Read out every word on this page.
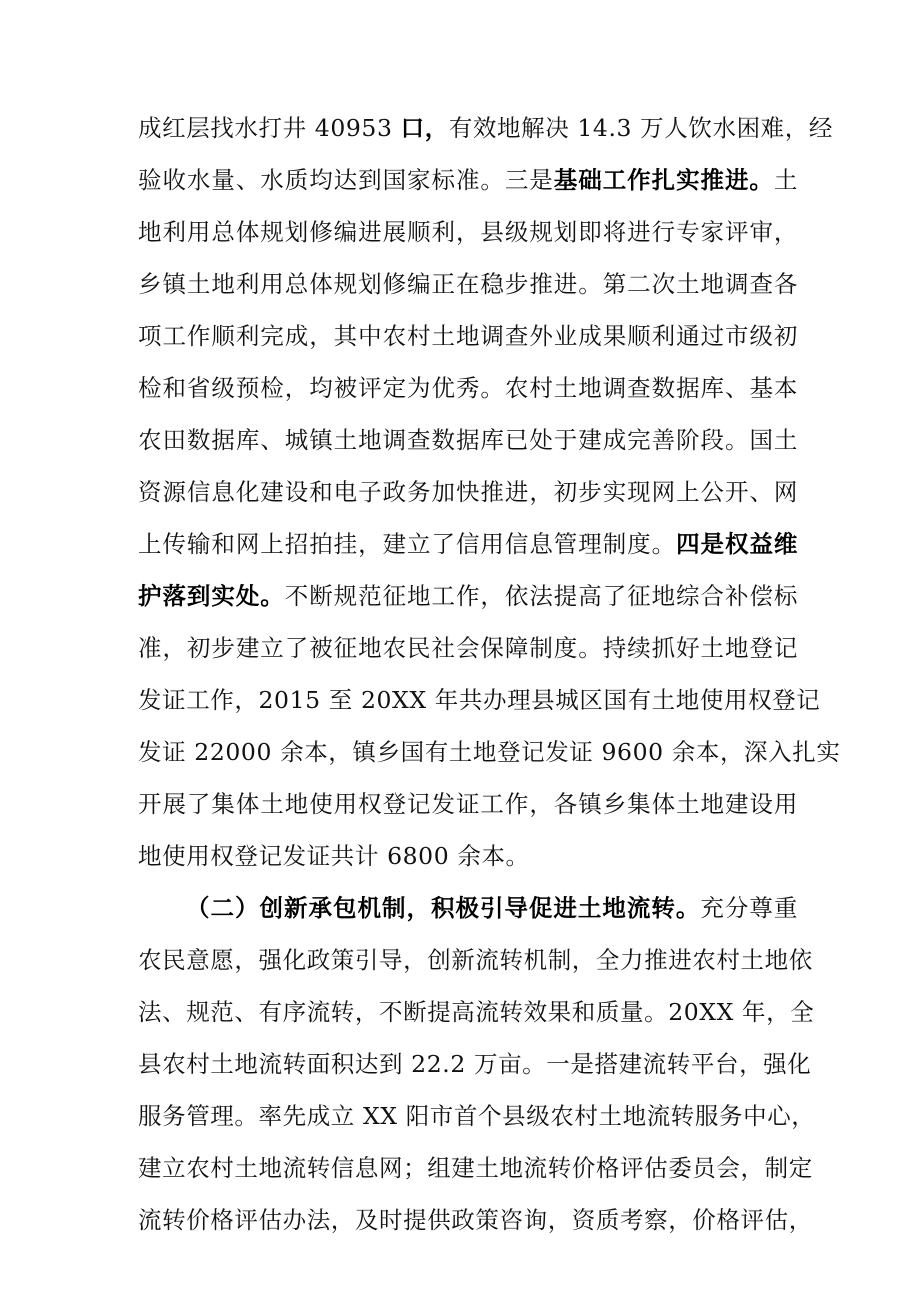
成红层找水打井 40953 口，有效地解决 14.3 万人饮水困难，经
验收水量、水质均达到国家标准。三是基础工作扎实推进。土
地利用总体规划修编进展顺利，县级规划即将进行专家评审，
乡镇土地利用总体规划修编正在稳步推进。第二次土地调查各
项工作顺利完成，其中农村土地调查外业成果顺利通过市级初
检和省级预检，均被评定为优秀。农村土地调查数据库、基本
农田数据库、城镇土地调查数据库已处于建成完善阶段。国土
资源信息化建设和电子政务加快推进，初步实现网上公开、网
上传输和网上招拍挂，建立了信用信息管理制度。四是权益维
护落到实处。不断规范征地工作，依法提高了征地综合补偿标
准，初步建立了被征地农民社会保障制度。持续抓好土地登记
发证工作，2015 至 20XX 年共办理县城区国有土地使用权登记
发证 22000 余本，镇乡国有土地登记发证 9600 余本，深入扎实
开展了集体土地使用权登记发证工作，各镇乡集体土地建设用
地使用权登记发证共计 6800 余本。
（二）创新承包机制，积极引导促进土地流转。充分尊重
农民意愿，强化政策引导，创新流转机制，全力推进农村土地依
法、规范、有序流转，不断提高流转效果和质量。20XX 年，全
县农村土地流转面积达到 22.2 万亩。一是搭建流转平台，强化
服务管理。率先成立 XX 阳市首个县级农村土地流转服务中心，
建立农村土地流转信息网；组建土地流转价格评估委员会，制定
流转价格评估办法，及时提供政策咨询，资质考察，价格评估，
